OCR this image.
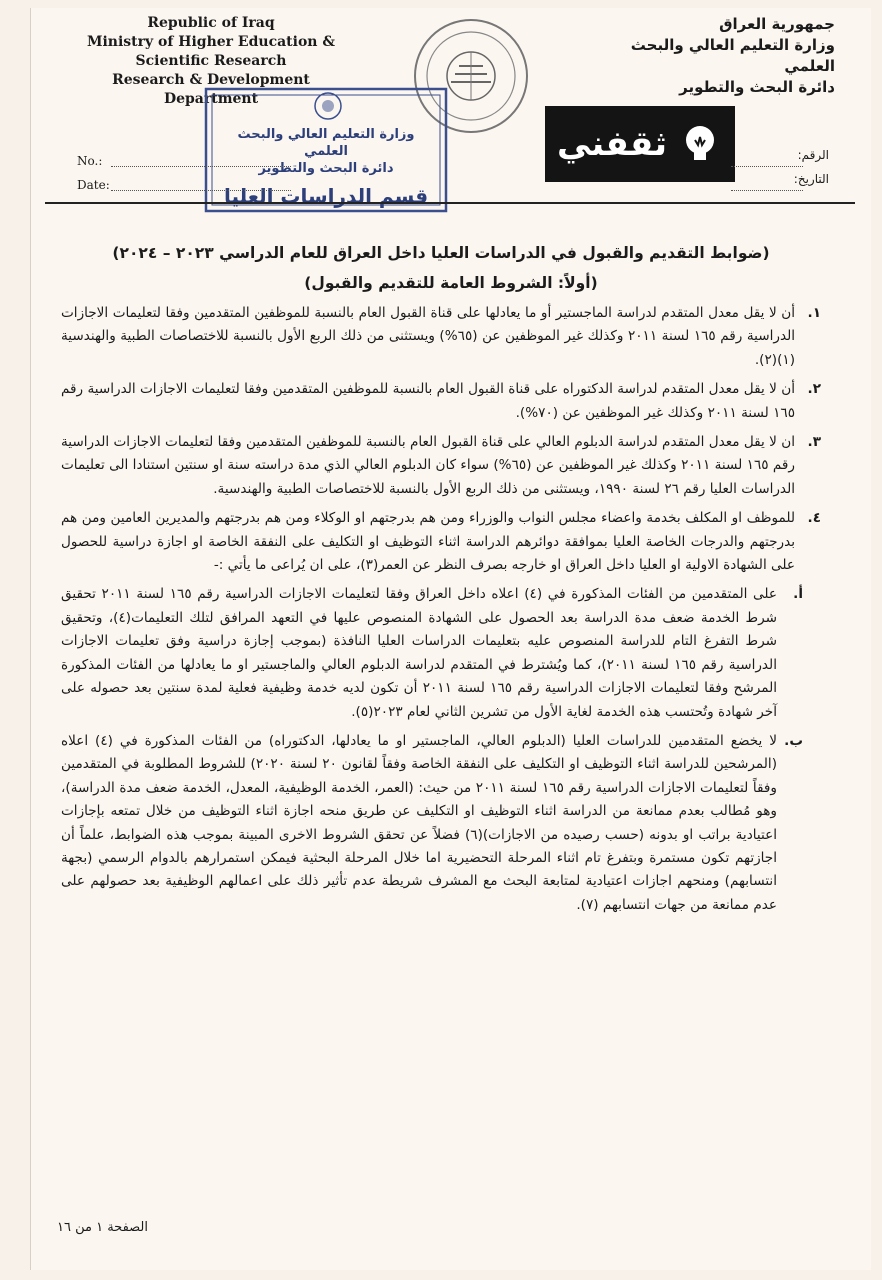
Republic of Iraq
Ministry of Higher Education &
Scientific Research
Research & Development
Department
جمهورية العراق
وزارة التعليم العالي والبحث العلمي
دائرة البحث والتطوير
وزارة التعليم العالي والبحث العلمي
دائرة البحث والتطوير
قسم الدراسات العليا
ثقفني
No.:
Date:
الرقم:
التاريخ:
(ضوابط التقديم والقبول في الدراسات العليا داخل العراق للعام الدراسي ٢٠٢٣ – ٢٠٢٤)
(أولاً: الشروط العامة للتقديم والقبول)
١.
أن لا يقل معدل المتقدم لدراسة الماجستير أو ما يعادلها على قناة القبول العام بالنسبة للموظفين المتقدمين وفقا لتعليمات الاجازات الدراسية رقم ١٦٥ لسنة ٢٠١١ وكذلك غير الموظفين عن (٦٥%) ويستثنى من ذلك الربع الأول بالنسبة للاختصاصات الطبية والهندسية (١)(٢).
٢.
أن لا يقل معدل المتقدم لدراسة الدكتوراه على قناة القبول العام بالنسبة للموظفين المتقدمين وفقا لتعليمات الاجازات الدراسية رقم ١٦٥ لسنة ٢٠١١ وكذلك غير الموظفين عن (٧٠%).
٣.
ان لا يقل معدل المتقدم لدراسة الدبلوم العالي على قناة القبول العام بالنسبة للموظفين المتقدمين وفقا لتعليمات الاجازات الدراسية رقم ١٦٥ لسنة ٢٠١١ وكذلك غير الموظفين عن (٦٥%) سواء كان الدبلوم العالي الذي مدة دراسته سنة او سنتين استنادا الى تعليمات الدراسات العليا رقم ٢٦ لسنة ١٩٩٠، ويستثنى من ذلك الربع الأول بالنسبة للاختصاصات الطبية والهندسية.
٤.
للموظف او المكلف بخدمة واعضاء مجلس النواب والوزراء ومن هم بدرجتهم او الوكلاء ومن هم بدرجتهم والمديرين العامين ومن هم بدرجتهم والدرجات الخاصة العليا بموافقة دوائرهم الدراسة اثناء التوظيف او التكليف على النفقة الخاصة او اجازة دراسية للحصول على الشهادة الاولية او العليا داخل العراق او خارجه بصرف النظر عن العمر(٣)، على ان يُراعى ما يأتي :-
أ.
على المتقدمين من الفئات المذكورة في (٤) اعلاه داخل العراق وفقا لتعليمات الاجازات الدراسية رقم ١٦٥ لسنة ٢٠١١ تحقيق شرط الخدمة ضعف مدة الدراسة بعد الحصول على الشهادة المنصوص عليها في التعهد المرافق لتلك التعليمات(٤)، وتحقيق شرط التفرغ التام للدراسة المنصوص عليه بتعليمات الدراسات العليا النافذة (بموجب إجازة دراسية وفق تعليمات الاجازات الدراسية رقم ١٦٥ لسنة ٢٠١١)، كما ويُشترط في المتقدم لدراسة الدبلوم العالي والماجستير او ما يعادلها من الفئات المذكورة المرشح وفقا لتعليمات الاجازات الدراسية رقم ١٦٥ لسنة ٢٠١١ أن تكون لديه خدمة وظيفية فعلية لمدة سنتين بعد حصوله على آخر شهادة وتُحتسب هذه الخدمة لغاية الأول من تشرين الثاني لعام ٢٠٢٣(٥).
ب.
لا يخضع المتقدمين للدراسات العليا (الدبلوم العالي، الماجستير او ما يعادلها، الدكتوراه) من الفئات المذكورة في (٤) اعلاه (المرشحين للدراسة اثناء التوظيف او التكليف على النفقة الخاصة وفقاً لقانون ٢٠ لسنة ٢٠٢٠) للشروط المطلوبة في المتقدمين وفقاً لتعليمات الاجازات الدراسية رقم ١٦٥ لسنة ٢٠١١ من حيث: (العمر، الخدمة الوظيفية، المعدل، الخدمة ضعف مدة الدراسة)، وهو مُطالب بعدم ممانعة من الدراسة اثناء التوظيف او التكليف عن طريق منحه اجازة اثناء التوظيف من خلال تمتعه بإجازات اعتيادية براتب او بدونه (حسب رصيده من الاجازات)(٦) فضلاً عن تحقق الشروط الاخرى المبينة بموجب هذه الضوابط، علماً أن اجازتهم تكون مستمرة وبتفرغ تام اثناء المرحلة التحضيرية اما خلال المرحلة البحثية فيمكن استمرارهم بالدوام الرسمي (بجهة انتسابهم) ومنحهم اجازات اعتيادية لمتابعة البحث مع المشرف شريطة عدم تأثير ذلك على اعمالهم الوظيفية بعد حصولهم على عدم ممانعة من جهات انتسابهم (٧).
الصفحة ١ من ١٦
